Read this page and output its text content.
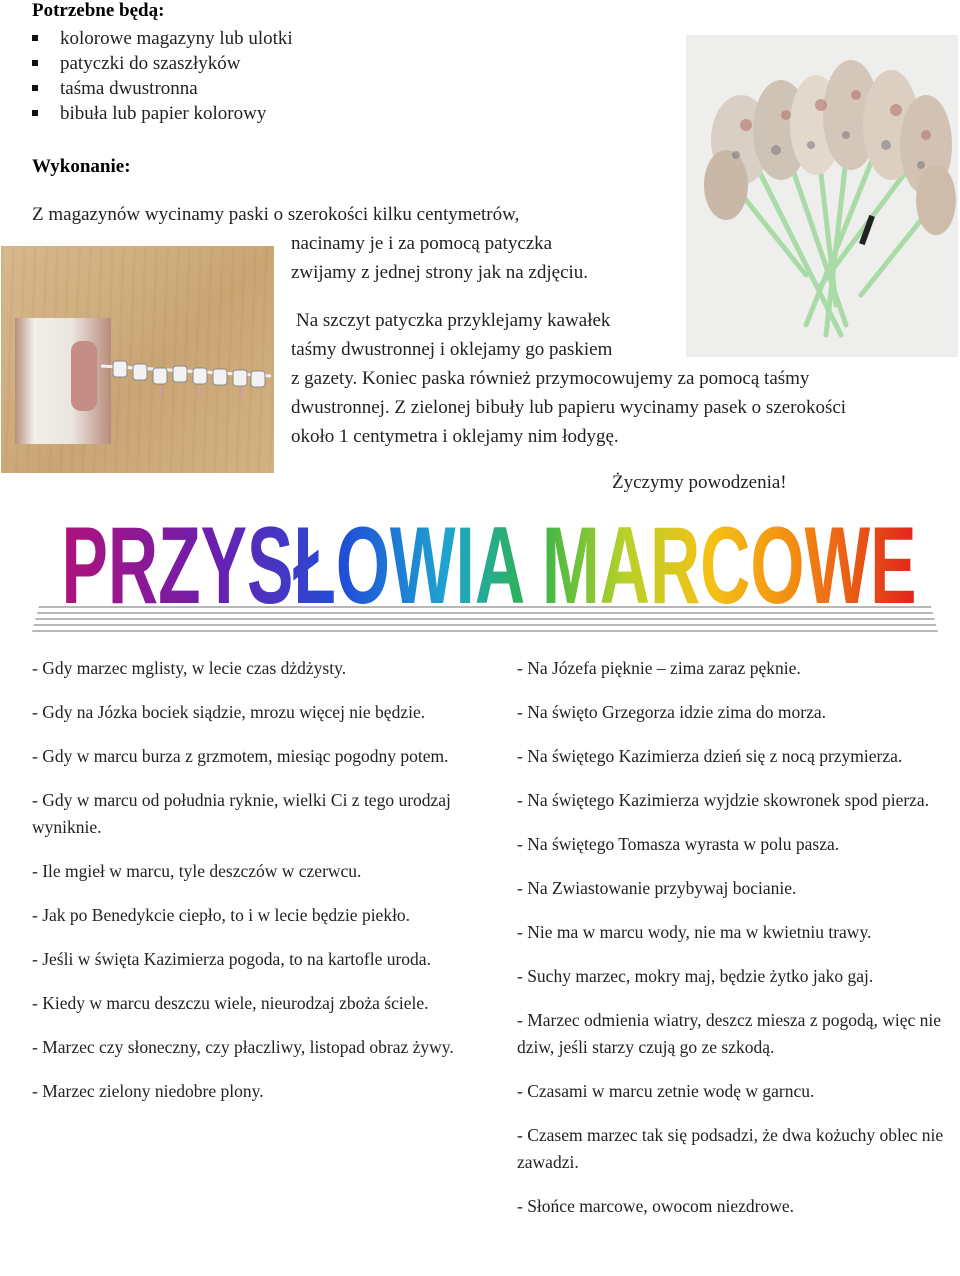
Potrzebne będą:
kolorowe magazyny lub ulotki
patyczki do szaszłyków
taśma dwustronna
bibuła lub papier kolorowy
Wykonanie:

Z magazynów wycinamy paski o szerokości kilku centymetrów,

nacinamy je i za pomocą patyczka

zwijamy z jednej strony jak na zdjęciu.

Na szczyt patyczka przyklejamy kawałek

taśmy dwustronnej i oklejamy go paskiem

z gazety. Koniec paska również przymocowujemy za pomocą taśmy

dwustronnej. Z zielonej bibuły lub papieru wycinamy pasek o szerokości

około 1 centymetra i oklejamy nim łodygę.

Życzymy powodzenia!

PRZYSŁOWIA MARCOWE

- Gdy marzec mglisty, w lecie czas dżdżysty.

- Gdy na Józka bociek siądzie, mrozu więcej nie będzie.

- Gdy w marcu burza z grzmotem, miesiąc pogodny potem.

- Gdy w marcu od południa ryknie, wielki Ci z tego urodzaj wyniknie.

- Ile mgieł w marcu, tyle deszczów w czerwcu.

- Jak po Benedykcie ciepło, to i w lecie będzie piekło.

- Jeśli w święta Kazimierza pogoda, to na kartofle uroda.

- Kiedy w marcu deszczu wiele, nieurodzaj zboża ściele.

- Marzec czy słoneczny, czy płaczliwy, listopad obraz żywy.

- Marzec zielony niedobre plony.

- Na Józefa pięknie – zima zaraz pęknie.

- Na święto Grzegorza idzie zima do morza.

- Na świętego Kazimierza dzień się z nocą przymierza.

- Na świętego Kazimierza wyjdzie skowronek spod pierza.

- Na świętego Tomasza wyrasta w polu pasza.

- Na Zwiastowanie przybywaj bocianie.

- Nie ma w marcu wody, nie ma w kwietniu trawy.

- Suchy marzec, mokry maj, będzie żytko jako gaj.

- Marzec odmienia wiatry, deszcz miesza z pogodą, więc nie dziw, jeśli starzy czują go ze szkodą.

- Czasami w marcu zetnie wodę w garncu.

- Czasem marzec tak się podsadzi, że dwa kożuchy oblec nie zawadzi.

- Słońce marcowe, owocom niezdrowe.
